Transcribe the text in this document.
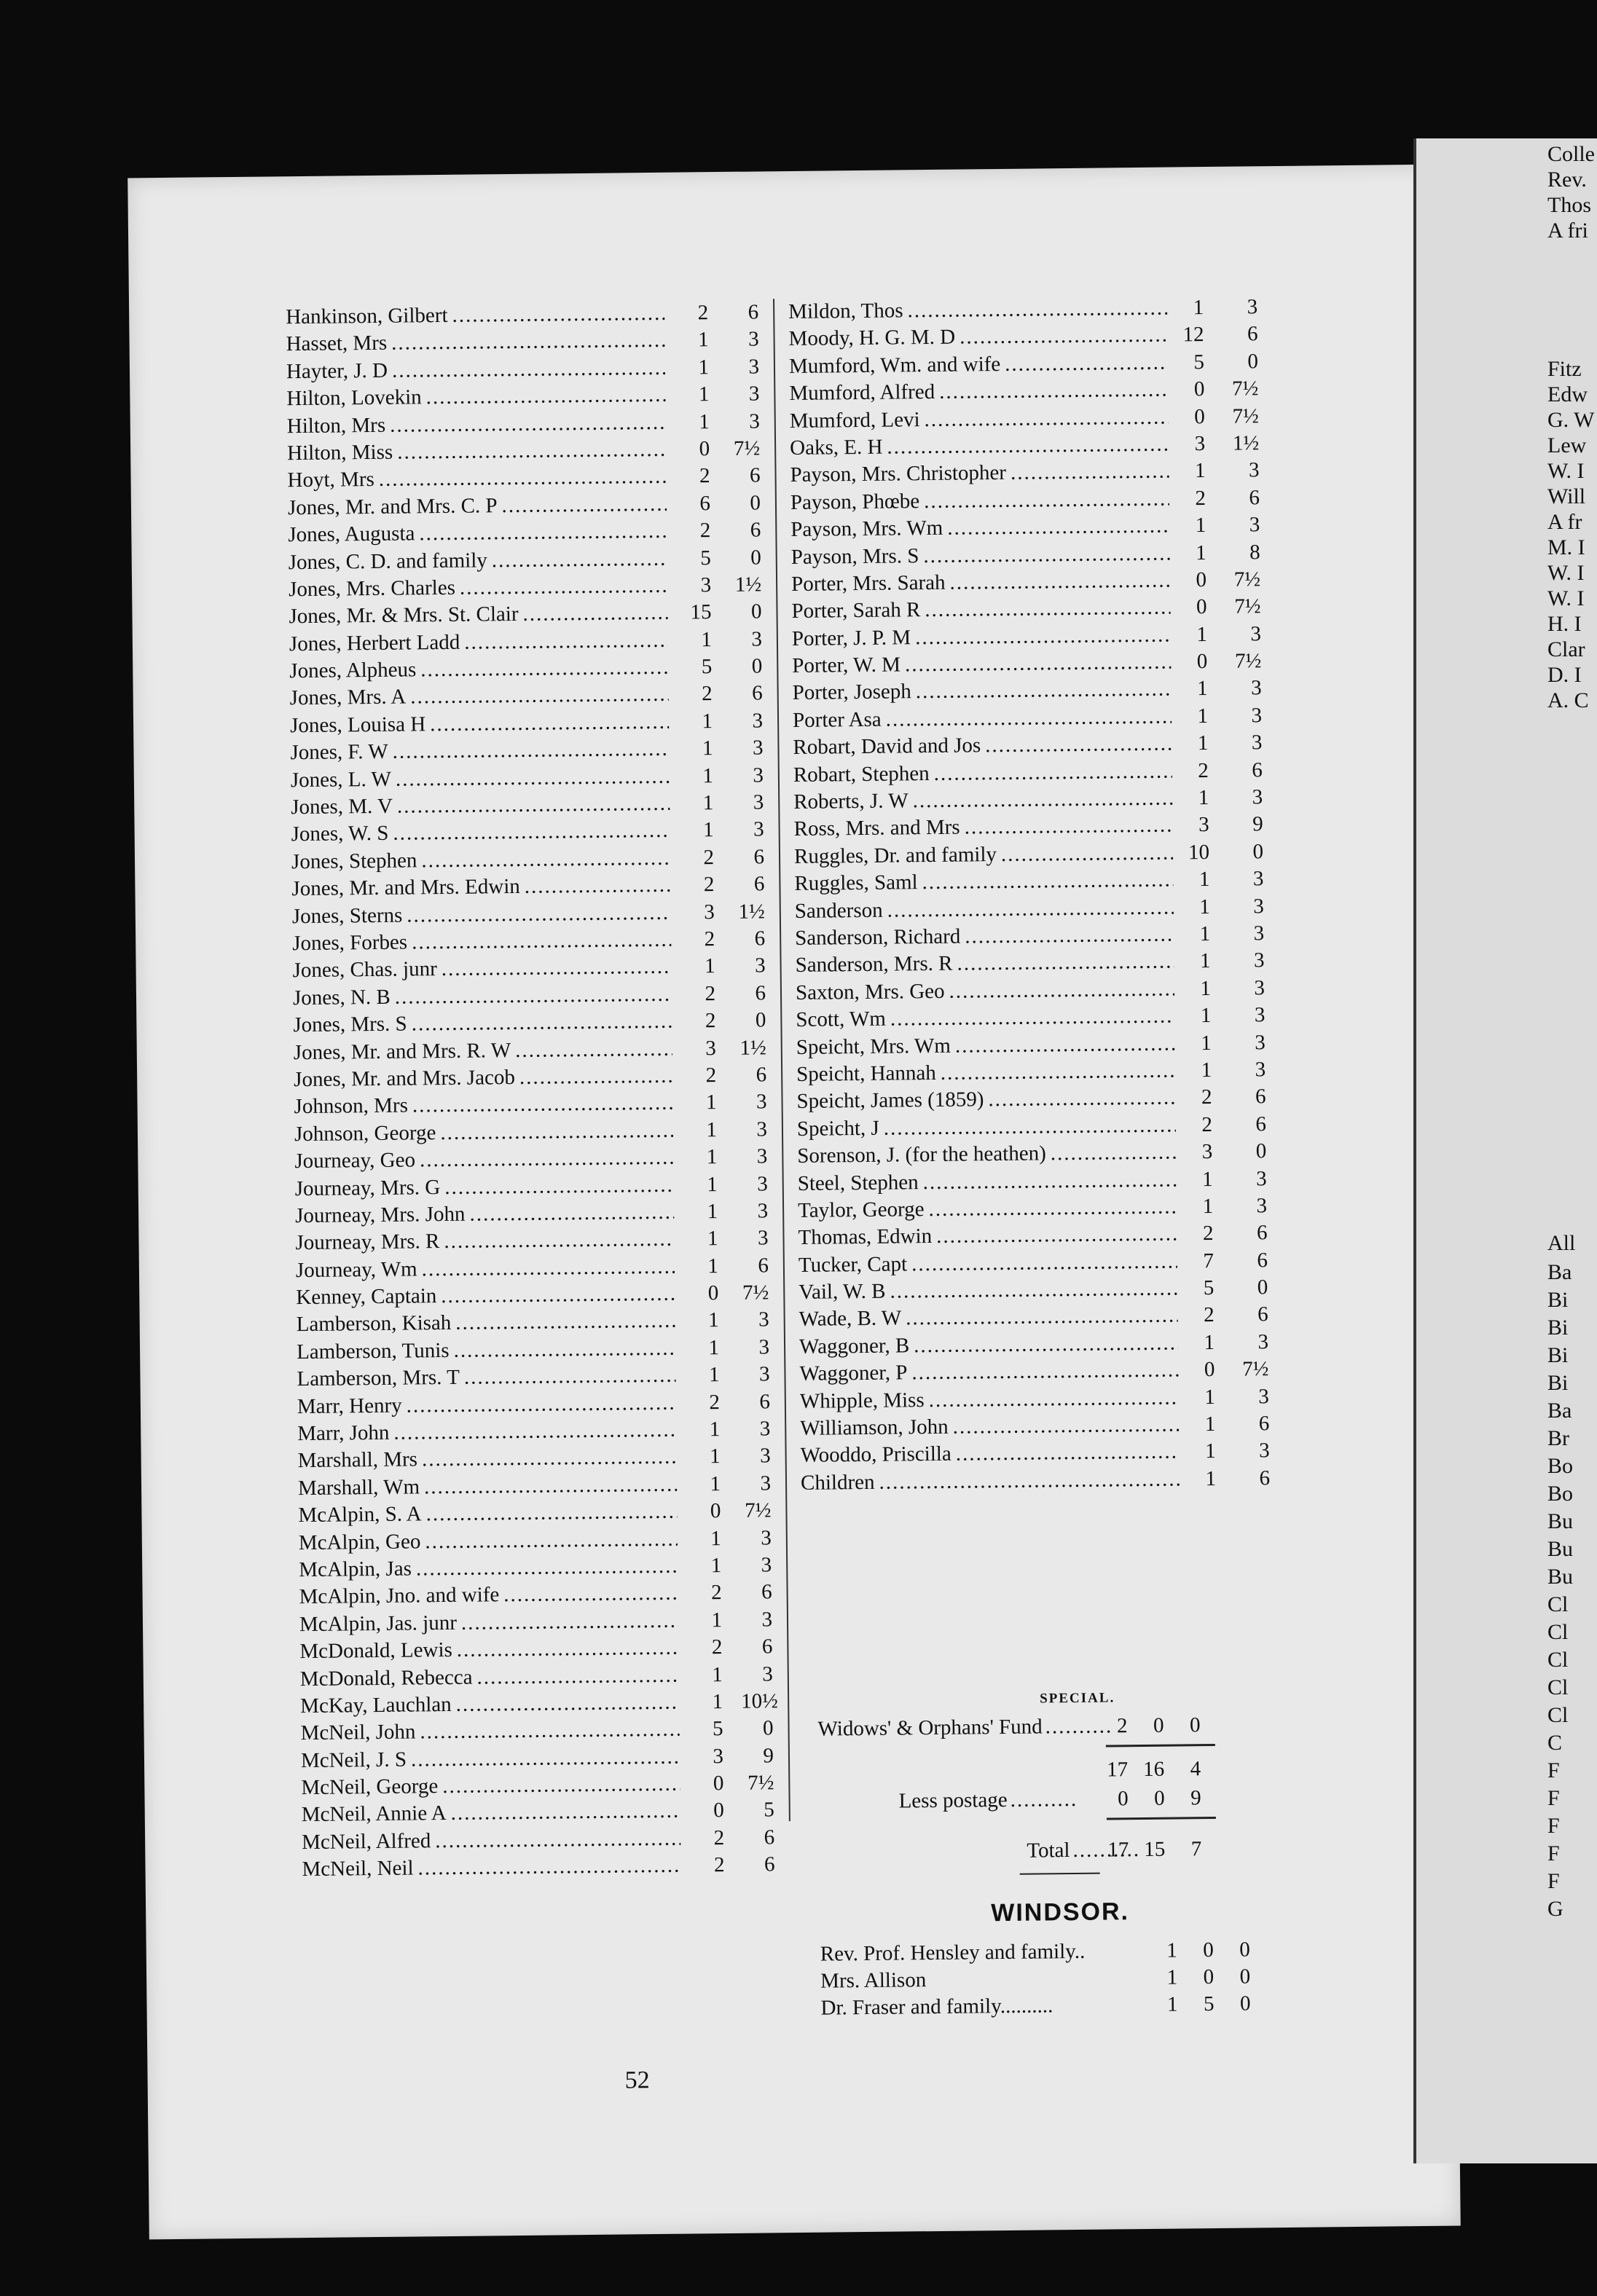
Hankinson, Gilbert .....	2	6
Hasset, Mrs .....	1	3
Hayter, J. D .....	1	3
Hilton, Lovekin .....	1	3
Hilton, Mrs .....	1	3
Hilton, Miss .....	0 7½
Hoyt, Mrs .....	2	6
Jones, Mr. and Mrs. C. P .....	6	0
Jones, Augusta .....	2	6
Jones, C. D. and family .....	5	0
Jones, Mrs. Charles .....	3 1½
Jones, Mr. & Mrs. St. Clair .....	15	0
Jones, Herbert Ladd .....	1	3
Jones, Alpheus .....	5	0
Jones, Mrs. A .....	2	6
Jones, Louisa H .....	1	3
Jones, F. W .....	1	3
Jones, L. W .....	1	3
Jones, M. V .....	1	3
Jones, W. S .....	1	3
Jones, Stephen .....	2	6
Jones, Mr. and Mrs. Edwin .....	2	6
Jones, Sterns .....	3 1½
Jones, Forbes .....	2	6
Jones, Chas. junr .....	1	3
Jones, N. B .....	2	6
Jones, Mrs. S .....	2	0
Jones, Mr. and Mrs. R. W .....	3 1½
Jones, Mr. and Mrs. Jacob .....	2	6
Johnson, Mrs .....	1	3
Johnson, George .....	1	3
Journeay, Geo .....	1	3
Journeay, Mrs. G .....	1	3
Journeay, Mrs. John .....	1	3
Journeay, Mrs. R .....	1	3
Journeay, Wm .....	1	6
Kenney, Captain .....	0 7½
Lamberson, Kisah .....	1	3
Lamberson, Tunis .....	1	3
Lamberson, Mrs. T .....	1	3
Marr, Henry .....	2	6
Marr, John .....	1	3
Marshall, Mrs .....	1	3
Marshall, Wm .....	1	3
McAlpin, S. A .....	0 7½
McAlpin, Geo .....	1	3
McAlpin, Jas .....	1	3
McAlpin, Jno. and wife .....	2	6
McAlpin, Jas. junr .....	1	3
McDonald, Lewis .....	2	6
McDonald, Rebecca .....	1	3
McKay, Lauchlan .....	1 10½
McNeil, John .....	5	0
McNeil, J. S .....	3	9
McNeil, George .....	0 7½
McNeil, Annie A .....	0	5
McNeil, Alfred .....	2	6
McNeil, Neil .....	2	6
Mildon, Thos .....	1	3
Moody, H. G. M. D .....	12	6
Mumford, Wm. and wife .....	5	0
Mumford, Alfred .....	0 7½
Mumford, Levi .....	0 7½
Oaks, E. H .....	3 1½
Payson, Mrs. Christopher .....	1	3
Payson, Phœbe .....	2	6
Payson, Mrs. Wm .....	1	3
Payson, Mrs. S .....	1	8
Porter, Mrs. Sarah .....	0 7½
Porter, Sarah R .....	0 7½
Porter, J. P. M .....	1	3
Porter, W. M .....	0 7½
Porter, Joseph .....	1	3
Porter Asa .....	1	3
Robart, David and Jos .....	1	3
Robart, Stephen .....	2	6
Roberts, J. W .....	1	3
Ross, Mrs. and Mrs .....	3	9
Ruggles, Dr. and family .....	10	0
Ruggles, Saml .....	1	3
Sanderson .....	1	3
Sanderson, Richard .....	1	3
Sanderson, Mrs. R .....	1	3
Saxton, Mrs. Geo .....	1	3
Scott, Wm .....	1	3
Speicht, Mrs. Wm .....	1	3
Speicht, Hannah .....	1	3
Speicht, James (1859) .....	2	6
Speicht, J .....	2	6
Sorenson, J. (for the heathen) .....	3	0
Steel, Stephen .....	1	3
Taylor, George .....	1	3
Thomas, Edwin .....	2	6
Tucker, Capt .....	7	6
Vail, W. B .....	5	0
Wade, B. W .....	2	6
Waggoner, B .....	1	3
Waggoner, P .....	0 7½
Whipple, Miss .....	1	3
Williamson, John .....	1	6
Wooddo, Priscilla .....	1	3
Children .....	1	6
SPECIAL.
Widows' & Orphans' Fund .....	2	0	0
17 16	4
Less postage .....	0	0	9
Total .....	17 15	7
WINDSOR.
Rev. Prof. Hensley and family..	1	0	0
Mrs. Allison	1	0	0
Dr. Fraser and family..........	1	5	0
52
Colle
Rev.
Thos
A fri
Fitz
Edw
G. W
Lew
W. I
Will
A fr
M. I
W. I
W. I
H. I
Clar
D. I
A. C
All
Ba
Bi
Bi
Bi
Bi
Ba
Br
Bo
Bo
Bu
Bu
Bu
Cl
Cl
Cl
Cl
Cl
C
F
F
F
F
F
G
